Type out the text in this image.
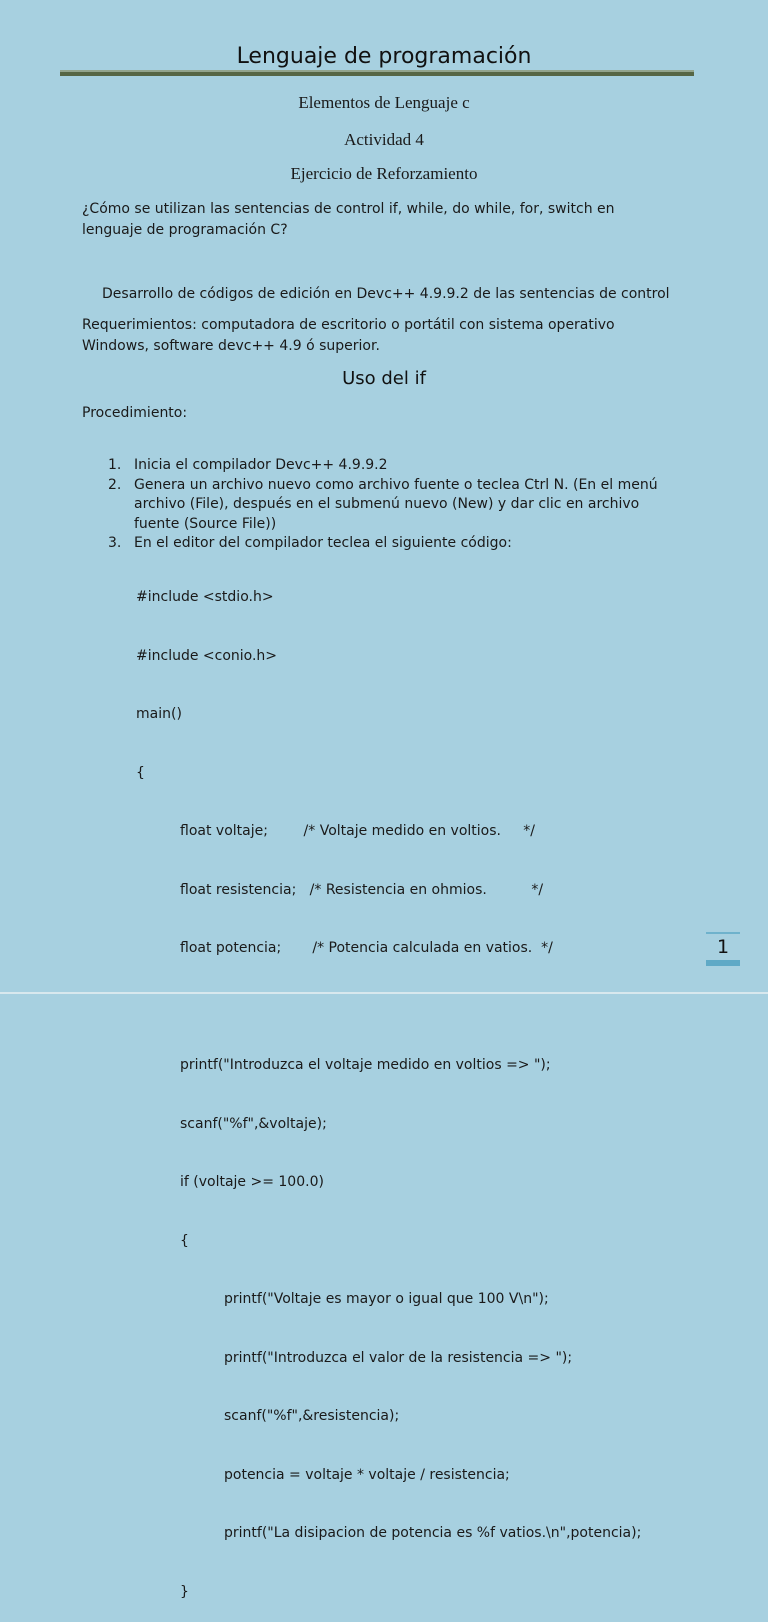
Lenguaje de programación
Elementos de Lenguaje c
Actividad 4
Ejercicio de Reforzamiento
¿Cómo se utilizan las sentencias de control if, while, do while, for, switch en
lenguaje de programación C?
Desarrollo de códigos de edición en Devc++ 4.9.9.2 de las sentencias de control
Requerimientos: computadora de escritorio o portátil con sistema operativo
Windows, software devc++ 4.9 ó superior.
Uso del if
Procedimiento:
1. Inicia el compilador Devc++ 4.9.9.2
2. Genera un archivo nuevo como archivo fuente o teclea Ctrl N. (En el menú
archivo (File), después en el submenú nuevo (New) y dar clic en archivo
fuente (Source File))
3. En el editor del compilador teclea el siguiente código:

#include <stdio.h>

#include <conio.h>

main()

{

float voltaje;        /* Voltaje medido en voltios.     */

float resistencia;   /* Resistencia en ohmios.          */

float potencia;       /* Potencia calculada en vatios.  */

printf("Introduzca el voltaje medido en voltios => ");

scanf("%f",&voltaje);

if (voltaje >= 100.0)

{

printf("Voltaje es mayor o igual que 100 V\n");

printf("Introduzca el valor de la resistencia => ");

scanf("%f",&resistencia);

potencia = voltaje * voltaje / resistencia;

printf("La disipacion de potencia es %f vatios.\n",potencia);

}

1
